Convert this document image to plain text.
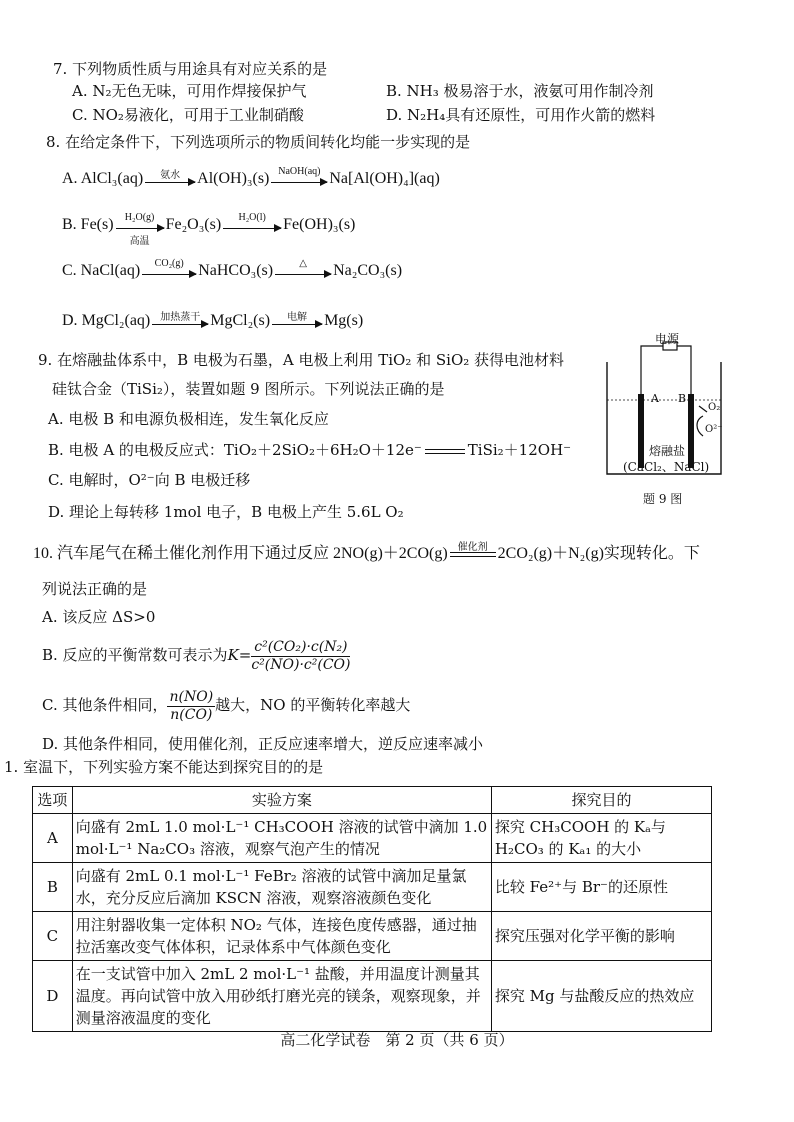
7. 下列物质性质与用途具有对应关系的是
A. N₂无色无味，可用作焊接保护气	B. NH₃ 极易溶于水，液氨可用作制冷剂
C. NO₂易液化，可用于工业制硝酸	D. N₂H₄具有还原性，可用作火箭的燃料
8. 在给定条件下，下列选项所示的物质间转化均能一步实现的是
A. AlCl₃(aq)	氨水	Al(OH)₃(s) NaOH(aq) Na[Al(OH)₄](aq)
B. Fe(s)	H₂O(g)
高温
Fe₂O₃(s)	H₂O(l)	Fe(OH)₃(s)
C. NaCl(aq)	CO₂(g) NaHCO₃(s)	△	Na₂CO₃(s)
D. MgCl₂(aq)	加热蒸干 MgCl₂(s)	电解	Mg(s)
9. 在熔融盐体系中，B 电极为石墨，A 电极上利用 TiO₂ 和 SiO₂ 获得电池材料
硅钛合金（TiSi₂），装置如题 9 图所示。下列说法正确的是
A. 电极 B 和电源负极相连，发生氧化反应
B. 电极 A 的电极反应式：TiO₂＋2SiO₂＋6H₂O＋12e⁻	TiSi₂＋12OH⁻
C. 电解时，O²⁻向 B 电极迁移
D. 理论上每转移 1mol 电子，B 电极上产生 5.6L O₂
电源
A B
O₂
O²⁻
熔融盐
(CaCl₂、NaCl)
题 9 图
10. 汽车尾气在稀土催化剂作用下通过反应 2NO(g)＋2CO(g)	催化剂 2CO₂(g)＋N₂(g)实现转化。下
列说法正确的是
A. 该反应 ΔS>0
B. 反应的平衡常数可表示为$K= \frac{\text{c²(CO₂)·c(N₂)}}{\text{c²(NO)·c²(CO)}}$
C. 其他条件相同， $\frac{n(NO)}{n(CO)}$ 越大，NO 的平衡转化率越大
D. 其他条件相同，使用催化剂，正反应速率增大，逆反应速率减小
1. 室温下，下列实验方案不能达到探究目的的是
选项	实验方案	探究目的
A	向盛有 2mL 1.0 mol·L⁻¹ CH₃COOH 溶液的试管中滴加 1.0 mol·L⁻¹ Na₂CO₃ 溶液，观察气泡产生的情况	探究 CH₃COOH 的 Kₐ与 H₂CO₃ 的 Kₐ₁ 的大小
B	向盛有 2mL 0.1 mol·L⁻¹ FeBr₂ 溶液的试管中滴加足量氯水，充分反应后滴加 KSCN 溶液，观察溶液颜色变化	比较 Fe²⁺与 Br⁻的还原性
C	用注射器收集一定体积 NO₂ 气体，连接色度传感器，通过抽拉活塞改变气体体积，记录体系中气体颜色变化	探究压强对化学平衡的影响
D	在一支试管中加入 2mL 2 mol·L⁻¹ 盐酸，并用温度计测量其温度。再向试管中放入用砂纸打磨光亮的镁条，观察现象，并测量溶液温度的变化	探究 Mg 与盐酸反应的热效应
高二化学试卷　第 2 页（共 6 页）
